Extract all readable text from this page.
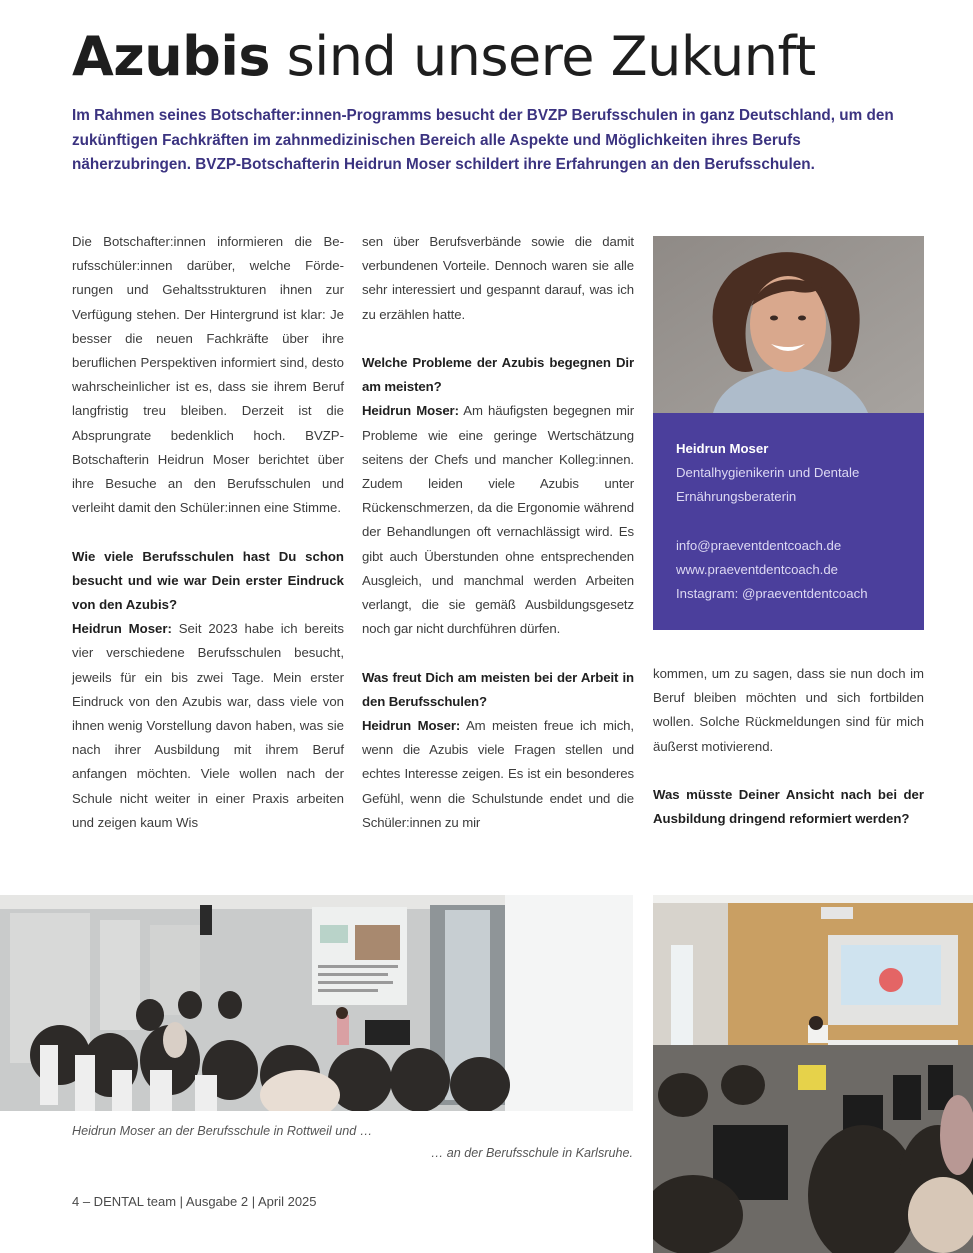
Azubis sind unsere Zukunft

Im Rahmen seines Botschafter:innen-Programms besucht der BVZP Berufsschulen in ganz Deutschland, um den zukünftigen Fachkräften im zahnmedizinischen Bereich alle Aspekte und Möglichkeiten ihres Berufs näherzubringen. BVZP-Botschafterin Heidrun Moser schildert ihre Erfahrungen an den Berufsschulen.

Die Botschafter:innen informieren die Berufsschüler:innen darüber, welche Förderungen und Gehaltsstrukturen ihnen zur Verfügung stehen. Der Hintergrund ist klar: Je besser die neuen Fachkräfte über ihre beruflichen Perspektiven informiert sind, desto wahrscheinlicher ist es, dass sie ihrem Beruf langfristig treu bleiben. Derzeit ist die Absprungrate bedenklich hoch. BVZP-Botschafterin Heidrun Moser berichtet über ihre Besuche an den Berufsschulen und verleiht damit den Schüler:innen eine Stimme.

Wie viele Berufsschulen hast Du schon besucht und wie war Dein erster Eindruck von den Azubis?

Heidrun Moser: Seit 2023 habe ich bereits vier verschiedene Berufsschulen besucht, jeweils für ein bis zwei Tage. Mein erster Eindruck von den Azubis war, dass viele von ihnen wenig Vorstellung davon haben, was sie nach ihrer Ausbildung mit ihrem Beruf anfangen möchten. Viele wollen nach der Schule nicht weiter in einer Praxis arbeiten und zeigen kaum Wis

sen über Berufsverbände sowie die damit verbundenen Vorteile. Dennoch waren sie alle sehr interessiert und gespannt darauf, was ich zu erzählen hatte.

Welche Probleme der Azubis begegnen Dir am meisten?

Heidrun Moser: Am häufigsten begegnen mir Probleme wie eine geringe Wertschätzung seitens der Chefs und mancher Kolleg:innen. Zudem leiden viele Azubis unter Rückenschmerzen, da die Ergonomie während der Behandlungen oft vernachlässigt wird. Es gibt auch Überstunden ohne entsprechenden Ausgleich, und manchmal werden Arbeiten verlangt, die sie gemäß Ausbildungsgesetz noch gar nicht durchführen dürfen.

Was freut Dich am meisten bei der Arbeit in den Berufsschulen?

Heidrun Moser: Am meisten freue ich mich, wenn die Azubis viele Fragen stellen und echtes Interesse zeigen. Es ist ein besonderes Gefühl, wenn die Schulstunde endet und die Schüler:innen zu mir

Heidrun Moser
Dentalhygienikerin und Dentale Ernährungsberaterin
info@praeventdentcoach.de
www.praeventdentcoach.de
Instagram: @praeventdentcoach

kommen, um zu sagen, dass sie nun doch im Beruf bleiben möchten und sich fortbilden wollen. Solche Rückmeldungen sind für mich äußerst motivierend.

Was müsste Deiner Ansicht nach bei der Ausbildung dringend reformiert werden?

Heidrun Moser an der Berufsschule in Rottweil und …
… an der Berufsschule in Karlsruhe.
4 – DENTAL team | Ausgabe 2 | April 2025
